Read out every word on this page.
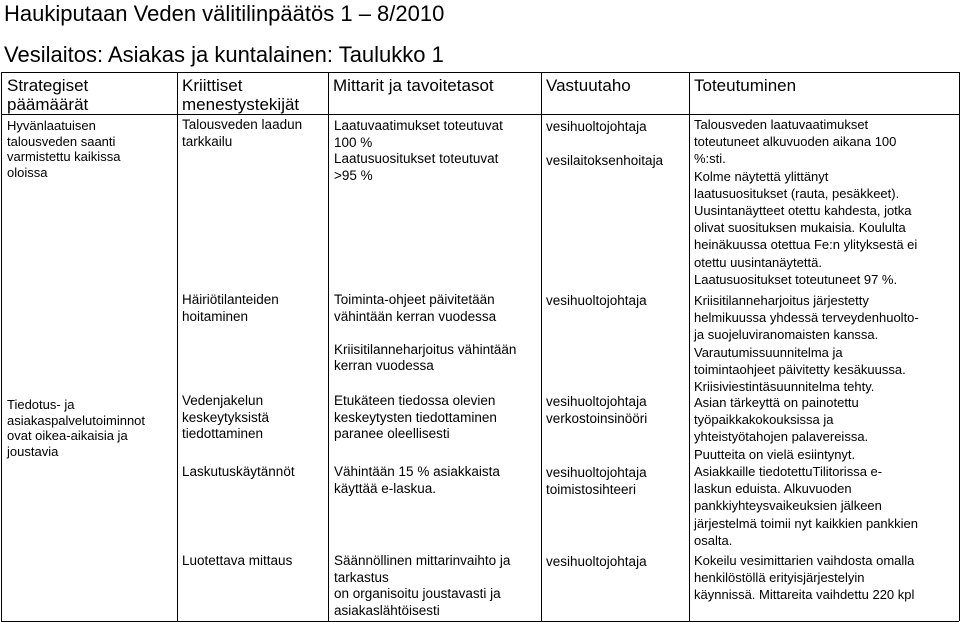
Haukiputaan Veden välitilinpäätös 1 – 8/2010
Vesilaitos: Asiakas ja kuntalainen: Taulukko 1
Strategiset
päämäärät
Kriittiset
menestystekijät
Mittarit ja tavoitetasot	Vastuutaho	Toteutuminen
Hyvänlaatuisen
talousveden saanti
varmistettu kaikissa
oloissa
Tiedotus- ja
asiakaspalvelutoiminnot
ovat oikea-aikaisia ja
joustavia
Talousveden laadun
tarkkailu
Häiriötilanteiden
hoitaminen
Vedenjakelun
keskeytyksistä
tiedottaminen
Laskutuskäytännöt
Luotettava mittaus
Laatuvaatimukset toteutuvat
100 %
Laatusuositukset toteutuvat
>95 %
Toiminta-ohjeet päivitetään
vähintään kerran vuodessa

Kriisitilanneharjoitus vähintään
kerran vuodessa
Etukäteen tiedossa olevien
keskeytysten tiedottaminen
paranee oleellisesti
Vähintään 15 % asiakkaista
käyttää e-laskua.
Säännöllinen mittarinvaihto ja
tarkastus
on organisoitu joustavasti ja
asiakaslähtöisesti
vesihuoltojohtaja

vesilaitoksenhoitaja
vesihuoltojohtaja
vesihuoltojohtaja
verkostoinsinööri
vesihuoltojohtaja
toimistosihteeri
vesihuoltojohtaja
Talousveden laatuvaatimukset
toteutuneet alkuvuoden aikana 100
%:sti.
Kolme näytettä ylittänyt
laatusuositukset (rauta, pesäkkeet).
Uusintanäytteet otettu kahdesta, jotka
olivat suosituksen mukaisia. Koululta
heinäkuussa otettua Fe:n ylityksestä ei
otettu uusintanäytettä.
Laatusuositukset toteutuneet 97 %.
Kriisitilanneharjoitus järjestetty
helmikuussa yhdessä terveydenhuolto-
ja suojeluviranomaisten kanssa.
Varautumissuunnitelma ja
toimintaohjeet päivitetty kesäkuussa.
Kriisiviestintäsuunnitelma tehty.
Asian tärkeyttä on painotettu
työpaikkakokouksissa ja
yhteistyötahojen palavereissa.
Puutteita on vielä esiintynyt.
Asiakkaille tiedotettuTilitorissa e-
laskun eduista. Alkuvuoden
pankkiyhteysvaikeuksien jälkeen
järjestelmä toimii nyt kaikkien pankkien
osalta.
Kokeilu vesimittarien vaihdosta omalla
henkilöstöllä erityisjärjestelyin
käynnissä. Mittareita vaihdettu 220 kpl
